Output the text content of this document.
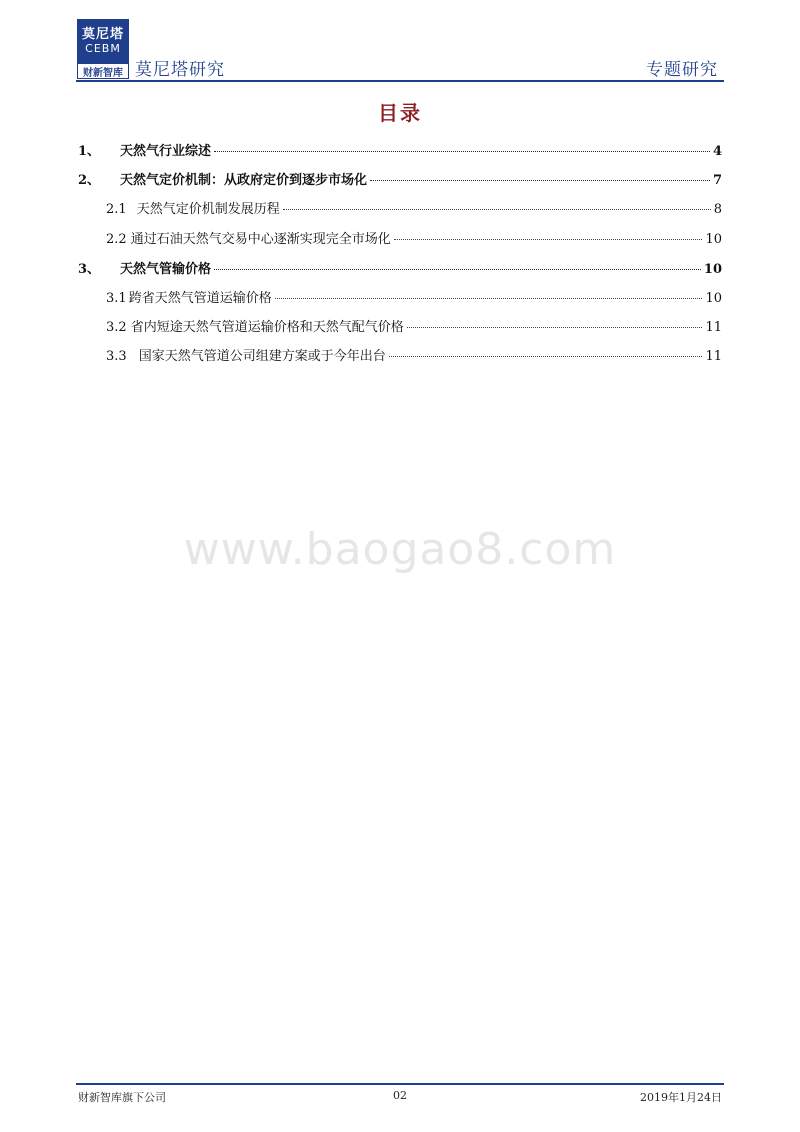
莫尼塔
CEBM
财新智库 莫尼塔研究	专题研究
目录
1、	天然气行业综述	4
2、	天然气定价机制：从政府定价到逐步市场化	7
2.1 天然气定价机制发展历程	8
2.2 通过石油天然气交易中心逐渐实现完全市场化	10
3、	天然气管输价格	10
3.1 跨省天然气管道运输价格	10
3.2 省内短途天然气管道运输价格和天然气配气价格	11
3.3 国家天然气管道公司组建方案或于今年出台	11
www.baogao8.com
财新智库旗下公司	02	2019年1月24日
